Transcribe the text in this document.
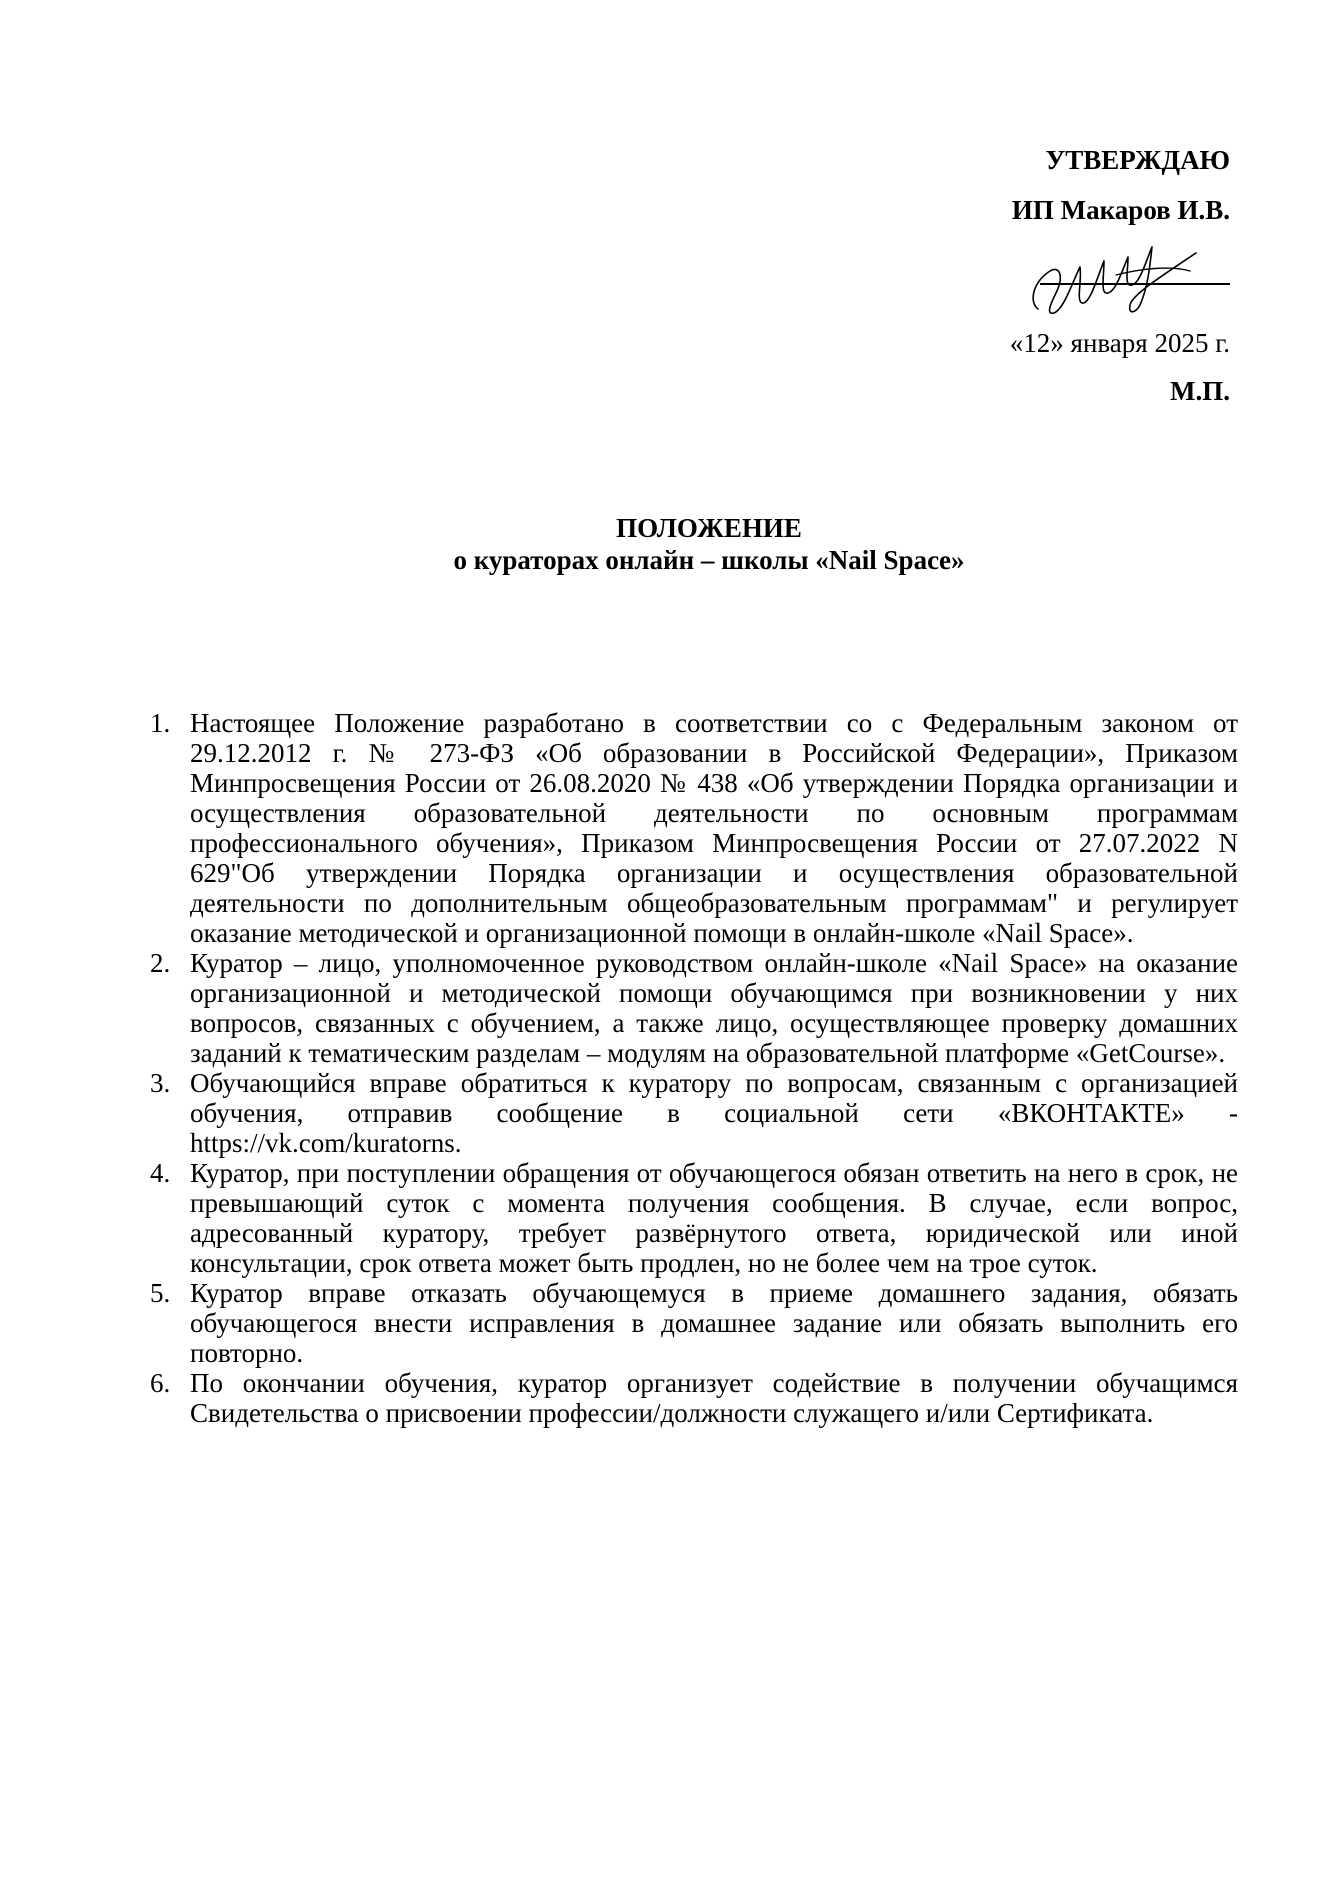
УТВЕРЖДАЮ
ИП Макаров И.В.
«12» января 2025 г.
М.П.
ПОЛОЖЕНИЕ
о кураторах онлайн – школы «Nail Space»
1. Настоящее Положение разработано в соответствии со с Федеральным законом от 29.12.2012 г. № 273-ФЗ «Об образовании в Российской Федерации», Приказом Минпросвещения России от 26.08.2020 № 438 «Об утверждении Порядка организации и осуществления образовательной деятельности по основным программам профессионального обучения», Приказом Минпросвещения России от 27.07.2022 N 629"Об утверждении Порядка организации и осуществления образовательной деятельности по дополнительным общеобразовательным программам" и регулирует оказание методической и организационной помощи в онлайн-школе «Nail Space».
2. Куратор – лицо, уполномоченное руководством онлайн-школе «Nail Space» на оказание организационной и методической помощи обучающимся при возникновении у них вопросов, связанных с обучением, а также лицо, осуществляющее проверку домашних заданий к тематическим разделам – модулям на образовательной платформе «GetCourse».
3. Обучающийся вправе обратиться к куратору по вопросам, связанным с организацией обучения, отправив сообщение в социальной сети «ВКОНТАКТЕ» - https://vk.com/kuratorns.
4. Куратор, при поступлении обращения от обучающегося обязан ответить на него в срок, не превышающий суток с момента получения сообщения. В случае, если вопрос, адресованный куратору, требует развёрнутого ответа, юридической или иной консультации, срок ответа может быть продлен, но не более чем на трое суток.
5. Куратор вправе отказать обучающемуся в приеме домашнего задания, обязать обучающегося внести исправления в домашнее задание или обязать выполнить его повторно.
6. По окончании обучения, куратор организует содействие в получении обучащимся Свидетельства о присвоении профессии/должности служащего и/или Сертификата.
